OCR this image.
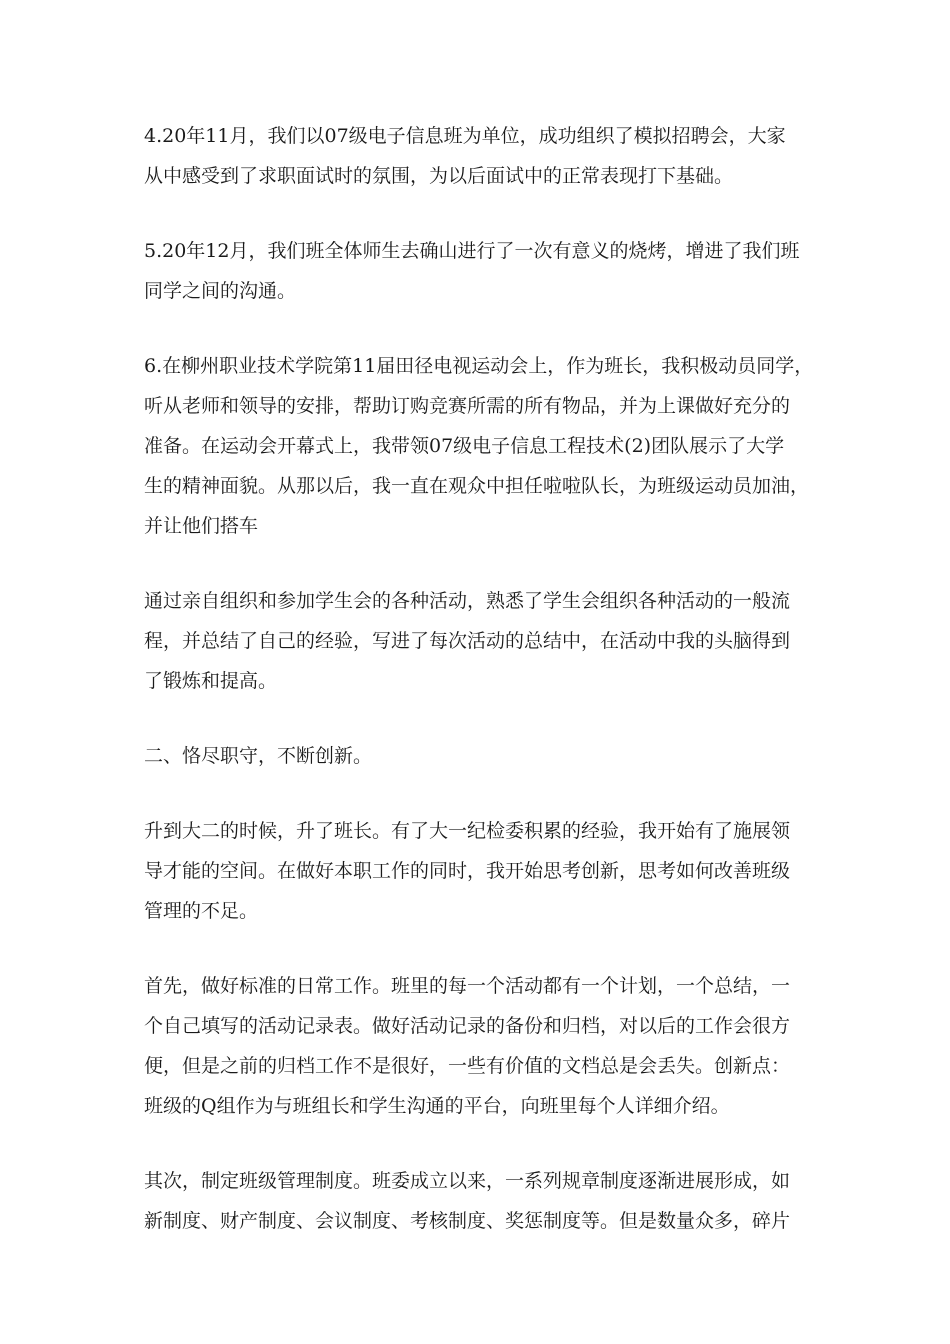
4.20年11月，我们以07级电子信息班为单位，成功组织了模拟招聘会，大家
从中感受到了求职面试时的氛围，为以后面试中的正常表现打下基础。

5.20年12月，我们班全体师生去确山进行了一次有意义的烧烤，增进了我们班
同学之间的沟通。

6.在柳州职业技术学院第11届田径电视运动会上，作为班长，我积极动员同学，
听从老师和领导的安排，帮助订购竞赛所需的所有物品，并为上课做好充分的
准备。在运动会开幕式上，我带领07级电子信息工程技术(2)团队展示了大学
生的精神面貌。从那以后，我一直在观众中担任啦啦队长，为班级运动员加油，
并让他们搭车

通过亲自组织和参加学生会的各种活动，熟悉了学生会组织各种活动的一般流
程，并总结了自己的经验，写进了每次活动的总结中，在活动中我的头脑得到
了锻炼和提高。

二、恪尽职守，不断创新。

升到大二的时候，升了班长。有了大一纪检委积累的经验，我开始有了施展领
导才能的空间。在做好本职工作的同时，我开始思考创新，思考如何改善班级
管理的不足。

首先，做好标准的日常工作。班里的每一个活动都有一个计划，一个总结，一
个自己填写的活动记录表。做好活动记录的备份和归档，对以后的工作会很方
便，但是之前的归档工作不是很好，一些有价值的文档总是会丢失。创新点：
班级的Q组作为与班组长和学生沟通的平台，向班里每个人详细介绍。

其次，制定班级管理制度。班委成立以来，一系列规章制度逐渐进展形成，如
新制度、财产制度、会议制度、考核制度、奖惩制度等。但是数量众多，碎片
